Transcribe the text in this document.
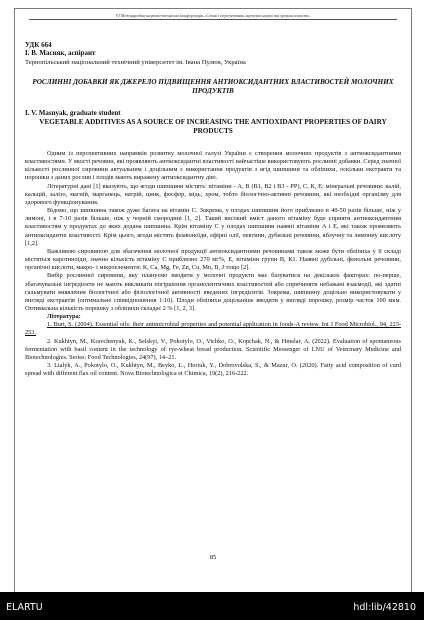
VІ Міжнародна науково-технічна конференція «Стан і перспективи харчової науки та промисловості»
УДК 664
І. В. Масняк, аспірант
Тернопільський національний технічний університет ім. Івана Пулюя, Україна
РОСЛИННІ ДОБАВКИ ЯК ДЖЕРЕЛО ПІДВИЩЕННЯ АНТИОКСИДАНТНИХ ВЛАСТИВОСТЕЙ МОЛОЧНИХ ПРОДУКТІВ
I. V. Masnyak, graduate student
VEGETABLE ADDITIVES AS A SOURCE OF INCREASING THE ANTIOXIDANT PROPERTIES OF DAIRY PRODUCTS

Одним із перспективних напрямків розвитку молочної галузі України є створення молочних продуктів з антиоксидантними властивостями. У якості речовин, які проявляють антиоксидантні властивості найчастіше використовують рослинні добавки. Серед значної кількості рослинної сировини актуальним і доцільним є використання продуктів з ягід шипшини та обліпихи, оскільки екстракти та порошки з даних рослин і плодів мають виражену антиоксидантну дію.

Літературні дані [1] вказують, що ягоди шипшини містять: вітаміни - А, В (В1, В2 і В3 - РР), С, К, Е; мінеральні речовини: калій, кальцій, залізо, магній, марганець, натрій, цинк, фосфор, мідь, хром, тобто біологічно-активні речовини, які необхідні організму для здорового функціонування.

Відомо, що шипшина також дуже багата на вітамін С. Зокрема, у плодах шипшини його приблизно в 40-50 разів більше, ніж у лимоні, і в 7-10 разів більше, ніж у чорній смородині [1, 2]. Такий високий вміст даного вітаміну буде сприяти антиоксидантним властивостям у продуктах до яких додана шипшина. Крім вітаміну С у плодах шипшини наявні вітаміни А і Е, які також проявляють антиоксидантні властивості. Крім цього, ягоди містять флавоноїди, ефірні олії, пектини, дубильні речовини, яблучну та лимонну кислоту [1,2].

Важливою сировиною для збагачення молочної продукції антиоксидантними речовинами також може бути обліпиха у її складі містяться каротиноїди, значна кількість вітаміну С приблизно 270 мг%, Е, вітаміни групи В, К1. Наявні дубільні, фенольні речовини, органічні кислоти, макро- і мікроелементи: К, Са, Mg, Fe, Zn, Cu, Mn, B, J тощо [2].

Вибір рослинної сировини, яку плануємо вводити у молочні продукти має базуватися на декількох факторах: по-перше, збагачувальні інгредієнти не мають викликати погіршення органолептичних властивостей або спричиняти небажані взаємодії, які здатні гальмувати виявлення біологічної або фізіологічної активності введених інгредієнтів. Зокрема, шипшину доцільно використовувати у вигляді екстрактів (оптимальне співвідношення 1:10). Плоди обліпихи доцільніше вводити у вигляді порошку, розмір часток 100 мкм. Оптимальна кількість порошку з обліпихи складає 2 % [1, 2, 3].

Література:

1. Burt, S. (2004). Essential oils: their antimicrobial properties and potential application in foods-A review. Int J Food Microbiol., 94, 223-253.

2. Kukhtyn, M., Kravchenyuk, K., Selskyi, V., Pokotylo, O., Vichko, O., Kopchak, N., & Hmelar, A. (2022). Evaluation of spontaneous fermentation with basil content in the technology of rye-wheat bread production. Scientific Messenger of LNU of Veterinary Medicine and Biotechnologies. Series: Food Technologies, 24(97), 14–21.

3. Lialyk, A., Pokotylo, O., Kukhtyn, M., Beyko, L., Horiuk, Y., Dobrovolska, S., & Mazur, O. (2020). Fatty acid composition of curd spread with different flax oil content. Nova Biotechnologica et Chimica, 19(2), 216-222.

85
ELARTU	hdl:lib/42810
